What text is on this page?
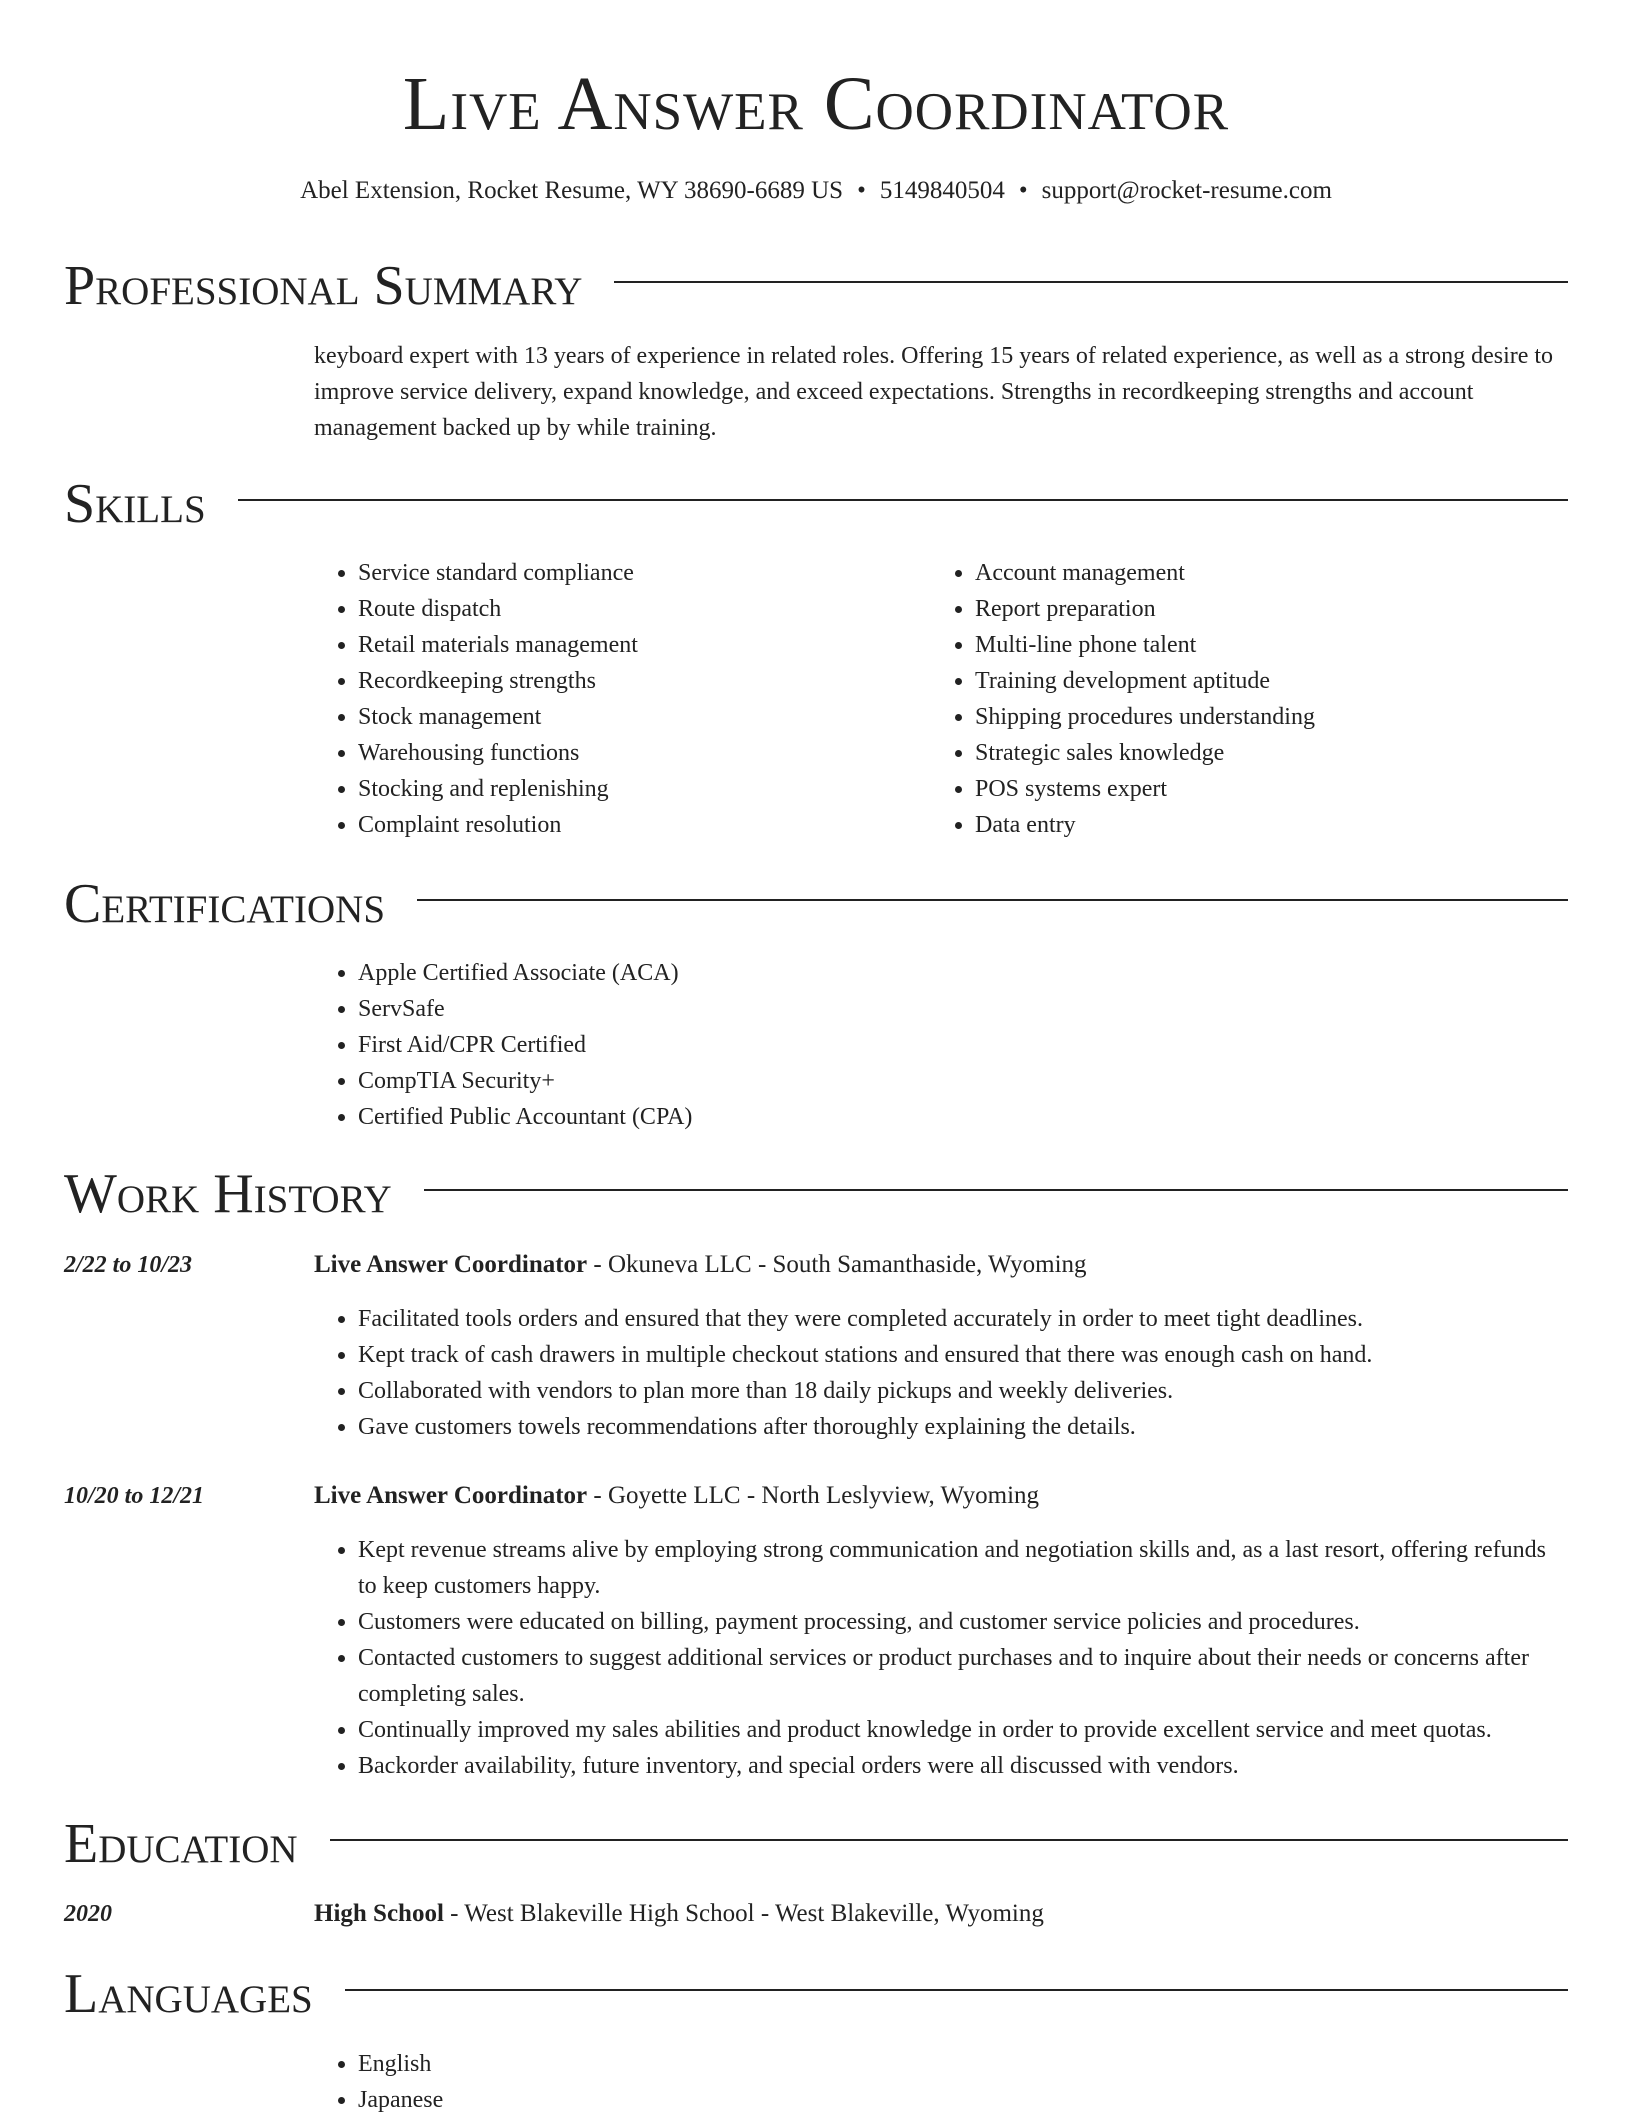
Live Answer Coordinator
Abel Extension, Rocket Resume, WY 38690-6689 US • 5149840504 • support@rocket-resume.com
Professional Summary
keyboard expert with 13 years of experience in related roles. Offering 15 years of related experience, as well as a strong desire to improve service delivery, expand knowledge, and exceed expectations. Strengths in recordkeeping strengths and account management backed up by while training.
Skills
• Service standard compliance
• Route dispatch
• Retail materials management
• Recordkeeping strengths
• Stock management
• Warehousing functions
• Stocking and replenishing
• Complaint resolution
• Account management
• Report preparation
• Multi-line phone talent
• Training development aptitude
• Shipping procedures understanding
• Strategic sales knowledge
• POS systems expert
• Data entry
Certifications
• Apple Certified Associate (ACA)
• ServSafe
• First Aid/CPR Certified
• CompTIA Security+
• Certified Public Accountant (CPA)
Work History
2/22 to 10/23	Live Answer Coordinator - Okuneva LLC - South Samanthaside, Wyoming
• Facilitated tools orders and ensured that they were completed accurately in order to meet tight deadlines.
• Kept track of cash drawers in multiple checkout stations and ensured that there was enough cash on hand.
• Collaborated with vendors to plan more than 18 daily pickups and weekly deliveries.
• Gave customers towels recommendations after thoroughly explaining the details.
10/20 to 12/21	Live Answer Coordinator - Goyette LLC - North Leslyview, Wyoming
• Kept revenue streams alive by employing strong communication and negotiation skills and, as a last resort, offering refunds to keep customers happy.
• Customers were educated on billing, payment processing, and customer service policies and procedures.
• Contacted customers to suggest additional services or product purchases and to inquire about their needs or concerns after completing sales.
• Continually improved my sales abilities and product knowledge in order to provide excellent service and meet quotas.
• Backorder availability, future inventory, and special orders were all discussed with vendors.
Education
2020	High School - West Blakeville High School - West Blakeville, Wyoming
Languages
• English
• Japanese
